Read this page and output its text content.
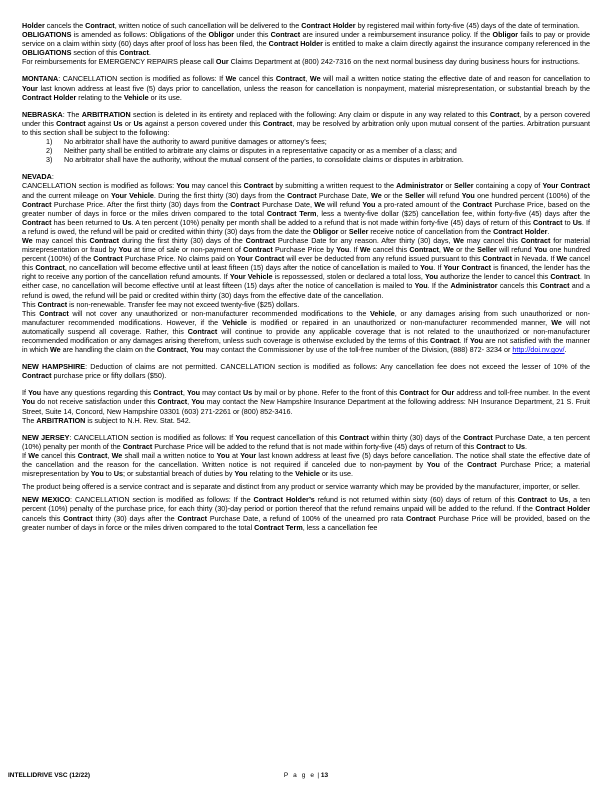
Holder cancels the Contract, written notice of such cancellation will be delivered to the Contract Holder by registered mail within forty-five (45) days of the date of termination.

OBLIGATIONS is amended as follows: Obligations of the Obligor under this Contract are insured under a reimbursement insurance policy. If the Obligor fails to pay or provide service on a claim within sixty (60) days after proof of loss has been filed, the Contract Holder is entitled to make a claim directly against the insurance company referenced in the OBLIGATIONS section of this Contract.

For reimbursements for EMERGENCY REPAIRS please call Our Claims Department at (800) 242-7316 on the next normal business day during business hours for instructions.

MONTANA: CANCELLATION section is modified as follows: If We cancel this Contract, We will mail a written notice stating the effective date of and reason for cancellation to Your last known address at least five (5) days prior to cancellation, unless the reason for cancellation is nonpayment, material misrepresentation, or substantial breach by the Contract Holder relating to the Vehicle or its use.

NEBRASKA: The ARBITRATION section is deleted in its entirety and replaced with the following: Any claim or dispute in any way related to this Contract, by a person covered under this Contract against Us or Us against a person covered under this Contract, may be resolved by arbitration only upon mutual consent of the parties. Arbitration pursuant to this section shall be subject to the following:

1) No arbitrator shall have the authority to award punitive damages or attorney’s fees;
2) Neither party shall be entitled to arbitrate any claims or disputes in a representative capacity or as a member of a class; and
3) No arbitrator shall have the authority, without the mutual consent of the parties, to consolidate claims or disputes in arbitration.

NEVADA:

CANCELLATION section is modified as follows: You may cancel this Contract by submitting a written request to the Administrator or Seller containing a copy of Your Contract and the current mileage on Your Vehicle. During the first thirty (30) days from the Contract Purchase Date, We or the Seller will refund You one hundred percent (100%) of the Contract Purchase Price. After the first thirty (30) days from the Contract Purchase Date, We will refund You a pro-rated amount of the Contract Purchase Price, based on the greater number of days in force or the miles driven compared to the total Contract Term, less a twenty-five dollar ($25) cancellation fee, within forty-five (45) days after the Contract has been returned to Us. A ten percent (10%) penalty per month shall be added to a refund that is not made within forty-five (45) days of return of this Contract to Us. If a refund is owed, the refund will be paid or credited within thirty (30) days from the date the Obligor or Seller receive notice of cancellation from the Contract Holder.

We may cancel this Contract during the first thirty (30) days of the Contract Purchase Date for any reason. After thirty (30) days, We may cancel this Contract for material misrepresentation or fraud by You at time of sale or non-payment of Contract Purchase Price by You. If We cancel this Contract, We or the Seller will refund You one hundred percent (100%) of the Contract Purchase Price. No claims paid on Your Contract will ever be deducted from any refund issued pursuant to this Contract in Nevada. If We cancel this Contract, no cancellation will become effective until at least fifteen (15) days after the notice of cancellation is mailed to You. If Your Contract is financed, the lender has the right to receive any portion of the cancellation refund amounts. If Your Vehicle is repossessed, stolen or declared a total loss, You authorize the lender to cancel this Contract. In either case, no cancellation will become effective until at least fifteen (15) days after the notice of cancellation is mailed to You. If the Administrator cancels this Contract and a refund is owed, the refund will be paid or credited within thirty (30) days from the effective date of the cancellation.

This Contract is non-renewable. Transfer fee may not exceed twenty-five ($25) dollars.

This Contract will not cover any unauthorized or non-manufacturer recommended modifications to the Vehicle, or any damages arising from such unauthorized or non-manufacturer recommended modifications. However, if the Vehicle is modified or repaired in an unauthorized or non-manufacturer recommended manner, We will not automatically suspend all coverage. Rather, this Contract will continue to provide any applicable coverage that is not related to the unauthorized or non-manufacturer recommended modification or any damages arising therefrom, unless such coverage is otherwise excluded by the terms of this Contract. If You are not satisfied with the manner in which We are handling the claim on the Contract, You may contact the Commissioner by use of the toll-free number of the Division, (888) 872- 3234 or http://doi.nv.gov/.

NEW HAMPSHIRE: Deduction of claims are not permitted. CANCELLATION section is modified as follows: Any cancellation fee does not exceed the lesser of 10% of the Contract purchase price or fifty dollars ($50).

If You have any questions regarding this Contract, You may contact Us by mail or by phone. Refer to the front of this Contract for Our address and toll-free number. In the event You do not receive satisfaction under this Contract, You may contact the New Hampshire Insurance Department at the following address: NH Insurance Department, 21 S. Fruit Street, Suite 14, Concord, New Hampshire 03301 (603) 271-2261 or (800) 852-3416.

The ARBITRATION is subject to N.H. Rev. Stat. 542.

NEW JERSEY: CANCELLATION section is modified as follows: If You request cancellation of this Contract within thirty (30) days of the Contract Purchase Date, a ten percent (10%) penalty per month of the Contract Purchase Price will be added to the refund that is not made within forty-five (45) days of return of this Contract to Us.

If We cancel this Contract, We shall mail a written notice to You at Your last known address at least five (5) days before cancellation. The notice shall state the effective date of the cancellation and the reason for the cancellation. Written notice is not required if canceled due to non-payment by You of the Contract Purchase Price; a material misrepresentation by You to Us; or substantial breach of duties by You relating to the Vehicle or its use.

The product being offered is a service contract and is separate and distinct from any product or service warranty which may be provided by the manufacturer, importer, or seller.

NEW MEXICO: CANCELLATION section is modified as follows: If the Contract Holder’s refund is not returned within sixty (60) days of return of this Contract to Us, a ten percent (10%) penalty of the purchase price, for each thirty (30)-day period or portion thereof that the refund remains unpaid will be added to the refund. If the Contract Holder cancels this Contract thirty (30) days after the Contract Purchase Date, a refund of 100% of the unearned pro rata Contract Purchase Price will be provided, based on the greater number of days in force or the miles driven compared to the total Contract Term, less a cancellation fee

INTELLIDRIVE VSC (12/22)	P a g e | 13
